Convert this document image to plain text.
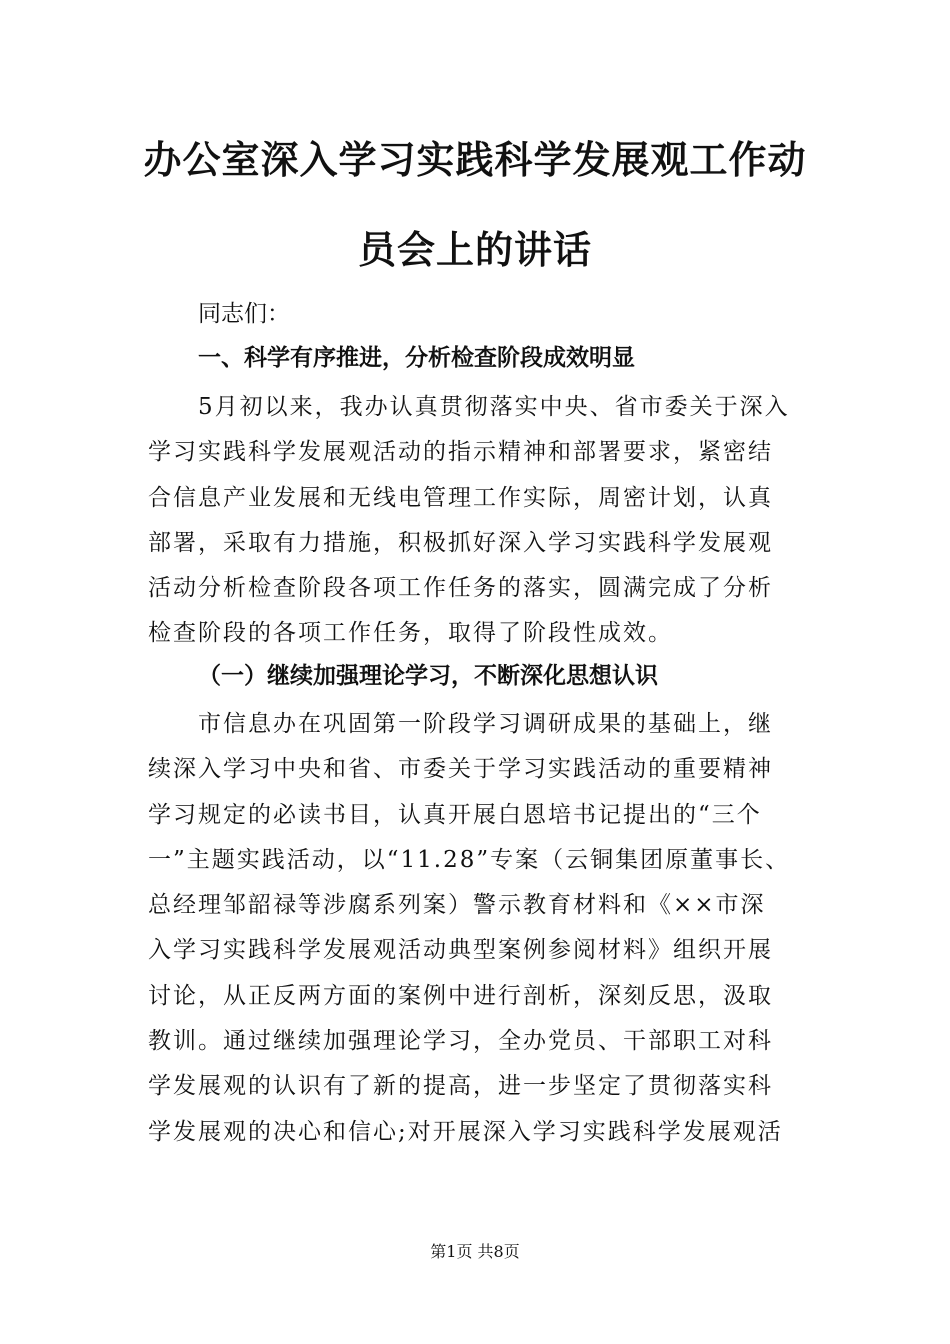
办公室深入学习实践科学发展观工作动
员会上的讲话
同志们：
一、科学有序推进，分析检查阶段成效明显
5月初以来，我办认真贯彻落实中央、省市委关于深入
学习实践科学发展观活动的指示精神和部署要求，紧密结
合信息产业发展和无线电管理工作实际，周密计划，认真
部署，采取有力措施，积极抓好深入学习实践科学发展观
活动分析检查阶段各项工作任务的落实，圆满完成了分析
检查阶段的各项工作任务，取得了阶段性成效。
（一）继续加强理论学习，不断深化思想认识
市信息办在巩固第一阶段学习调研成果的基础上，继
续深入学习中央和省、市委关于学习实践活动的重要精神
学习规定的必读书目，认真开展白恩培书记提出的“三个
一”主题实践活动，以“11.28”专案（云铜集团原董事长、
总经理邹韶禄等涉腐系列案）警示教育材料和《××市深
入学习实践科学发展观活动典型案例参阅材料》组织开展
讨论，从正反两方面的案例中进行剖析，深刻反思，汲取
教训。通过继续加强理论学习，全办党员、干部职工对科
学发展观的认识有了新的提高，进一步坚定了贯彻落实科
学发展观的决心和信心;对开展深入学习实践科学发展观活
第1页 共8页
